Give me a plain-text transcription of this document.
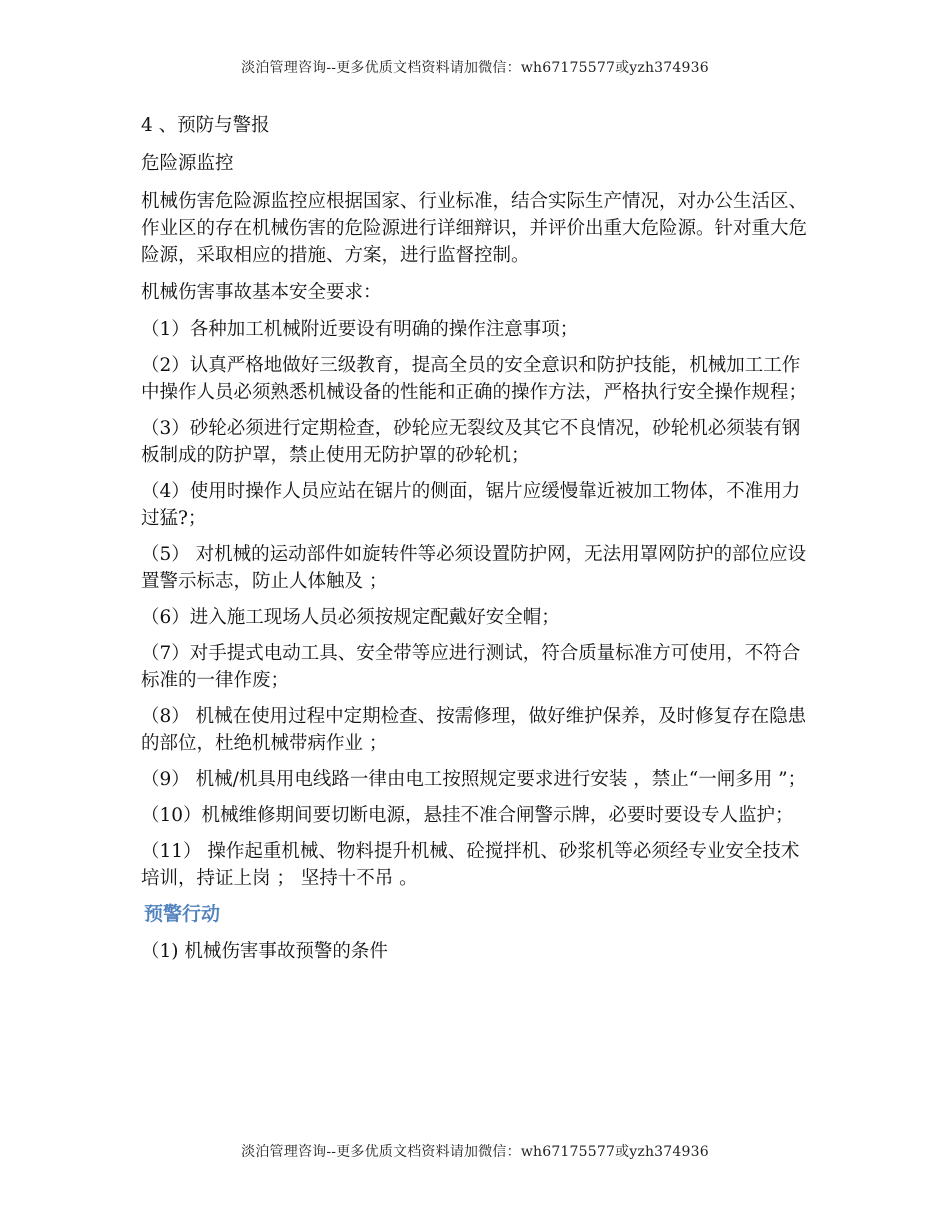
淡泊管理咨询--更多优质文档资料请加微信：wh67175577或yzh374936

4 、预防与警报

危险源监控

机械伤害危险源监控应根据国家、行业标准，结合实际生产情况，对办公生活区、作业区的存在机械伤害的危险源进行详细辩识，并评价出重大危险源。针对重大危险源，采取相应的措施、方案，进行监督控制。

机械伤害事故基本安全要求：

（1）各种加工机械附近要设有明确的操作注意事项；

（2）认真严格地做好三级教育，提高全员的安全意识和防护技能，机械加工工作中操作人员必须熟悉机械设备的性能和正确的操作方法，严格执行安全操作规程；

（3）砂轮必须进行定期检查，砂轮应无裂纹及其它不良情况，砂轮机必须装有钢板制成的防护罩，禁止使用无防护罩的砂轮机；

（4）使用时操作人员应站在锯片的侧面，锯片应缓慢靠近被加工物体，不准用力过猛?；

（5） 对机械的运动部件如旋转件等必须设置防护网，无法用罩网防护的部位应设置警示标志，防止人体触及 ；

（6）进入施工现场人员必须按规定配戴好安全帽；

（7）对手提式电动工具、安全带等应进行测试，符合质量标准方可使用，不符合标准的一律作废；

（8） 机械在使用过程中定期检查、按需修理，做好维护保养，及时修复存在隐患的部位，杜绝机械带病作业 ；

（9） 机械/机具用电线路一律由电工按照规定要求进行安装 ，禁止“一闸多用 ”；

（10）机械维修期间要切断电源，悬挂不准合闸警示牌，必要时要设专人监护；

（11） 操作起重机械、物料提升机械、砼搅拌机、砂浆机等必须经专业安全技术培训，持证上岗 ； 坚持十不吊 。

预警行动

（1) 机械伤害事故预警的条件

淡泊管理咨询--更多优质文档资料请加微信：wh67175577或yzh374936
